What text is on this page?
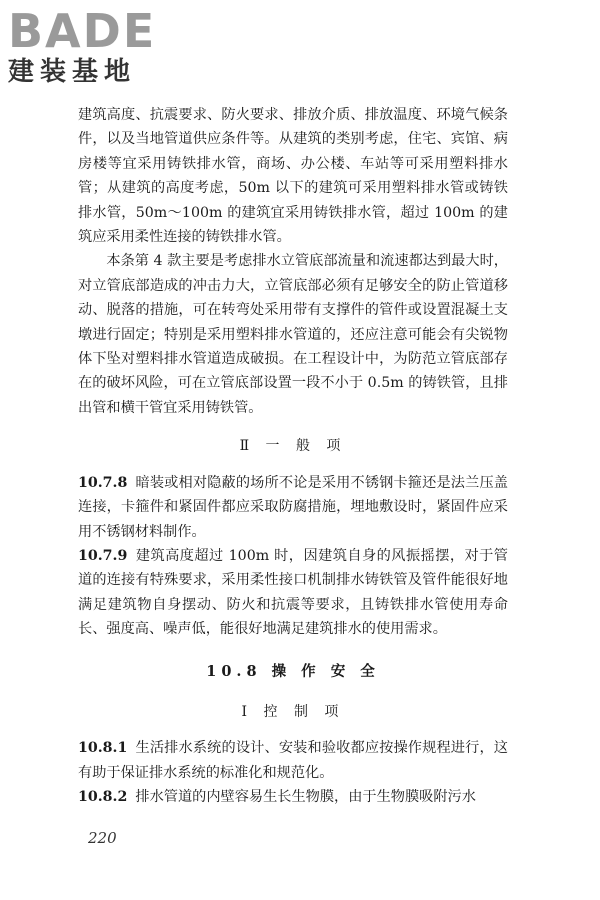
BADE
建装基地

建筑高度、抗震要求、防火要求、排放介质、排放温度、环境气候条件，以及当地管道供应条件等。从建筑的类别考虑，住宅、宾馆、病房楼等宜采用铸铁排水管，商场、办公楼、车站等可采用塑料排水管；从建筑的高度考虑，50m 以下的建筑可采用塑料排水管或铸铁排水管，50m～100m 的建筑宜采用铸铁排水管，超过 100m 的建筑应采用柔性连接的铸铁排水管。

本条第 4 款主要是考虑排水立管底部流量和流速都达到最大时，对立管底部造成的冲击力大，立管底部必须有足够安全的防止管道移动、脱落的措施，可在转弯处采用带有支撑件的管件或设置混凝土支墩进行固定；特别是采用塑料排水管道的，还应注意可能会有尖锐物体下坠对塑料排水管道造成破损。在工程设计中，为防范立管底部存在的破坏风险，可在立管底部设置一段不小于 0.5m 的铸铁管，且排出管和横干管宜采用铸铁管。

Ⅱ 一 般 项

10.7.8 暗装或相对隐蔽的场所不论是采用不锈钢卡箍还是法兰压盖连接，卡箍件和紧固件都应采取防腐措施，埋地敷设时，紧固件应采用不锈钢材料制作。

10.7.9 建筑高度超过 100m 时，因建筑自身的风振摇摆，对于管道的连接有特殊要求，采用柔性接口机制排水铸铁管及管件能很好地满足建筑物自身摆动、防火和抗震等要求，且铸铁排水管使用寿命长、强度高、噪声低，能很好地满足建筑排水的使用需求。

10.8 操 作 安 全

Ⅰ 控 制 项

10.8.1 生活排水系统的设计、安装和验收都应按操作规程进行，这有助于保证排水系统的标准化和规范化。

10.8.2 排水管道的内壁容易生长生物膜，由于生物膜吸附污水

220
